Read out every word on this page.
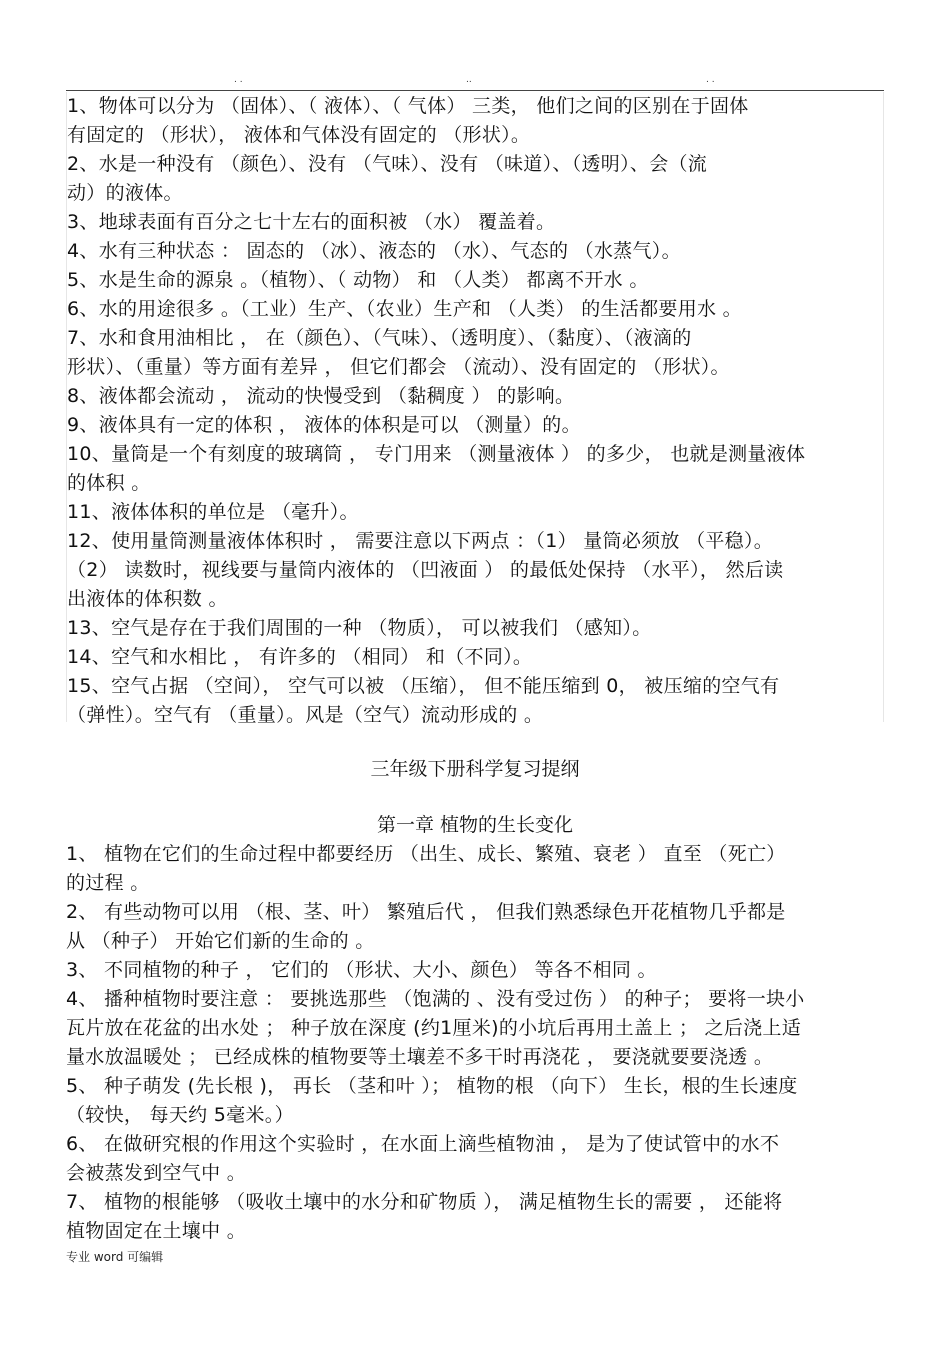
. .	..	. .
1、物体可以分为 （固体）、（ 液体）、（ 气体） 三类， 他们之间的区别在于固体
有固定的 （形状）， 液体和气体没有固定的 （形状）。
2、水是一种没有 （颜色）、没有 （气味）、没有 （味道）、（透明）、会（流
动）的液体。
3、地球表面有百分之七十左右的面积被 （水） 覆盖着。
4、水有三种状态 ： 固态的 （冰）、液态的 （水）、气态的 （水蒸气）。
5、水是生命的源泉 。（植物）、（ 动物） 和 （人类） 都离不开水 。
6、水的用途很多 。（工业）生产、（农业）生产和 （人类） 的生活都要用水 。
7、水和食用油相比 ， 在（颜色）、（气味）、（透明度）、（黏度）、（液滴的
形状）、（重量）等方面有差异 ， 但它们都会 （流动）、没有固定的 （形状）。
8、液体都会流动 ， 流动的快慢受到 （黏稠度 ） 的影响。
9、液体具有一定的体积 ， 液体的体积是可以 （测量）的。
10、量筒是一个有刻度的玻璃筒 ， 专门用来 （测量液体 ） 的多少， 也就是测量液体
的体积 。
11、液体体积的单位是 （毫升）。
12、使用量筒测量液体体积时 ， 需要注意以下两点 ：（1） 量筒必须放 （平稳）。
（2） 读数时，视线要与量筒内液体的 （凹液面 ） 的最低处保持 （水平）， 然后读
出液体的体积数 。
13、空气是存在于我们周围的一种 （物质）， 可以被我们 （感知）。
14、空气和水相比 ， 有许多的 （相同） 和（不同）。
15、空气占据 （空间）， 空气可以被 （压缩）， 但不能压缩到 0， 被压缩的空气有
（弹性）。空气有 （重量）。风是（空气）流动形成的 。
三年级下册科学复习提纲
第一章 植物的生长变化
1、 植物在它们的生命过程中都要经历 （出生、成长、繁殖、衰老 ） 直至 （死亡）
的过程 。
2、 有些动物可以用 （根、茎、叶） 繁殖后代 ， 但我们熟悉绿色开花植物几乎都是
从 （种子） 开始它们新的生命的 。
3、 不同植物的种子 ， 它们的 （形状、大小、颜色） 等各不相同 。
4、 播种植物时要注意 ： 要挑选那些 （饱满的 、没有受过伤 ） 的种子； 要将一块小
瓦片放在花盆的出水处 ； 种子放在深度 (约1厘米)的小坑后再用土盖上 ； 之后浇上适
量水放温暖处 ； 已经成株的植物要等土壤差不多干时再浇花 ， 要浇就要要浇透 。
5、 种子萌发 (先长根 )， 再长 （茎和叶 ）； 植物的根 （向下） 生长，根的生长速度
（较快， 每天约 5毫米。）
6、 在做研究根的作用这个实验时 ，在水面上滴些植物油 ， 是为了使试管中的水不
会被蒸发到空气中 。
7、 植物的根能够 （吸收土壤中的水分和矿物质 ）， 满足植物生长的需要 ， 还能将
植物固定在土壤中 。
专业 word 可编辑
